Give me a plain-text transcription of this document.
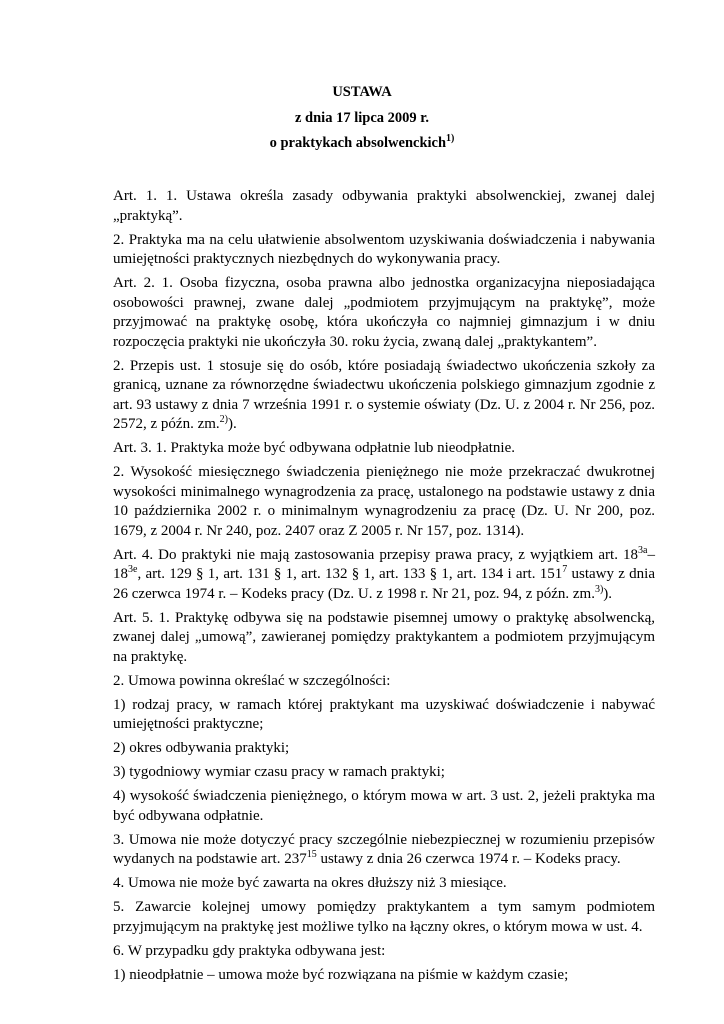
USTAWA
z dnia 17 lipca 2009 r.
o praktykach absolwenckich$^{1)}$

Art. 1. 1. Ustawa określa zasady odbywania praktyki absolwenckiej, zwanej dalej „praktyką”.

2. Praktyka ma na celu ułatwienie absolwentom uzyskiwania doświadczenia i nabywania umiejętności praktycznych niezbędnych do wykonywania pracy.

Art. 2. 1. Osoba fizyczna, osoba prawna albo jednostka organizacyjna nieposiadająca osobowości prawnej, zwane dalej „podmiotem przyjmującym na praktykę”, może przyjmować na praktykę osobę, która ukończyła co najmniej gimnazjum i w dniu rozpoczęcia praktyki nie ukończyła 30. roku życia, zwaną dalej „praktykantem”.

2. Przepis ust. 1 stosuje się do osób, które posiadają świadectwo ukończenia szkoły za granicą, uznane za równorzędne świadectwu ukończenia polskiego gimnazjum zgodnie z art. 93 ustawy z dnia 7 września 1991 r. o systemie oświaty (Dz. U. z 2004 r. Nr 256, poz. 2572, z późn. zm.$^{2)}$).

Art. 3. 1. Praktyka może być odbywana odpłatnie lub nieodpłatnie.

2. Wysokość miesięcznego świadczenia pieniężnego nie może przekraczać dwukrotnej wysokości minimalnego wynagrodzenia za pracę, ustalonego na podstawie ustawy z dnia 10 października 2002 r. o minimalnym wynagrodzeniu za pracę (Dz. U. Nr 200, poz. 1679, z 2004 r. Nr 240, poz. 2407 oraz Z 2005 r. Nr 157, poz. 1314).

Art. 4. Do praktyki nie mają zastosowania przepisy prawa pracy, z wyjątkiem art. $18^{3a}-18^{3e}$, art. 129 § 1, art. 131 § 1, art. 132 § 1, art. 133 § 1, art. 134 i art. $151^7$ ustawy z dnia 26 czerwca 1974 r. – Kodeks pracy (Dz. U. z 1998 r. Nr 21, poz. 94, z późn. zm.$^{3)}$).

Art. 5. 1. Praktykę odbywa się na podstawie pisemnej umowy o praktykę absolwencką, zwanej dalej „umową”, zawieranej pomiędzy praktykantem a podmiotem przyjmującym na praktykę.

2. Umowa powinna określać w szczególności:

1) rodzaj pracy, w ramach której praktykant ma uzyskiwać doświadczenie i nabywać umiejętności praktyczne;

2) okres odbywania praktyki;

3) tygodniowy wymiar czasu pracy w ramach praktyki;

4) wysokość świadczenia pieniężnego, o którym mowa w art. 3 ust. 2, jeżeli praktyka ma być odbywana odpłatnie.

3. Umowa nie może dotyczyć pracy szczególnie niebezpiecznej w rozumieniu przepisów wydanych na podstawie art. $237^{15}$ ustawy z dnia 26 czerwca 1974 r. – Kodeks pracy.

4. Umowa nie może być zawarta na okres dłuższy niż 3 miesiące.

5. Zawarcie kolejnej umowy pomiędzy praktykantem a tym samym podmiotem przyjmującym na praktykę jest możliwe tylko na łączny okres, o którym mowa w ust. 4.

6. W przypadku gdy praktyka odbywana jest:

1) nieodpłatnie – umowa może być rozwiązana na piśmie w każdym czasie;
